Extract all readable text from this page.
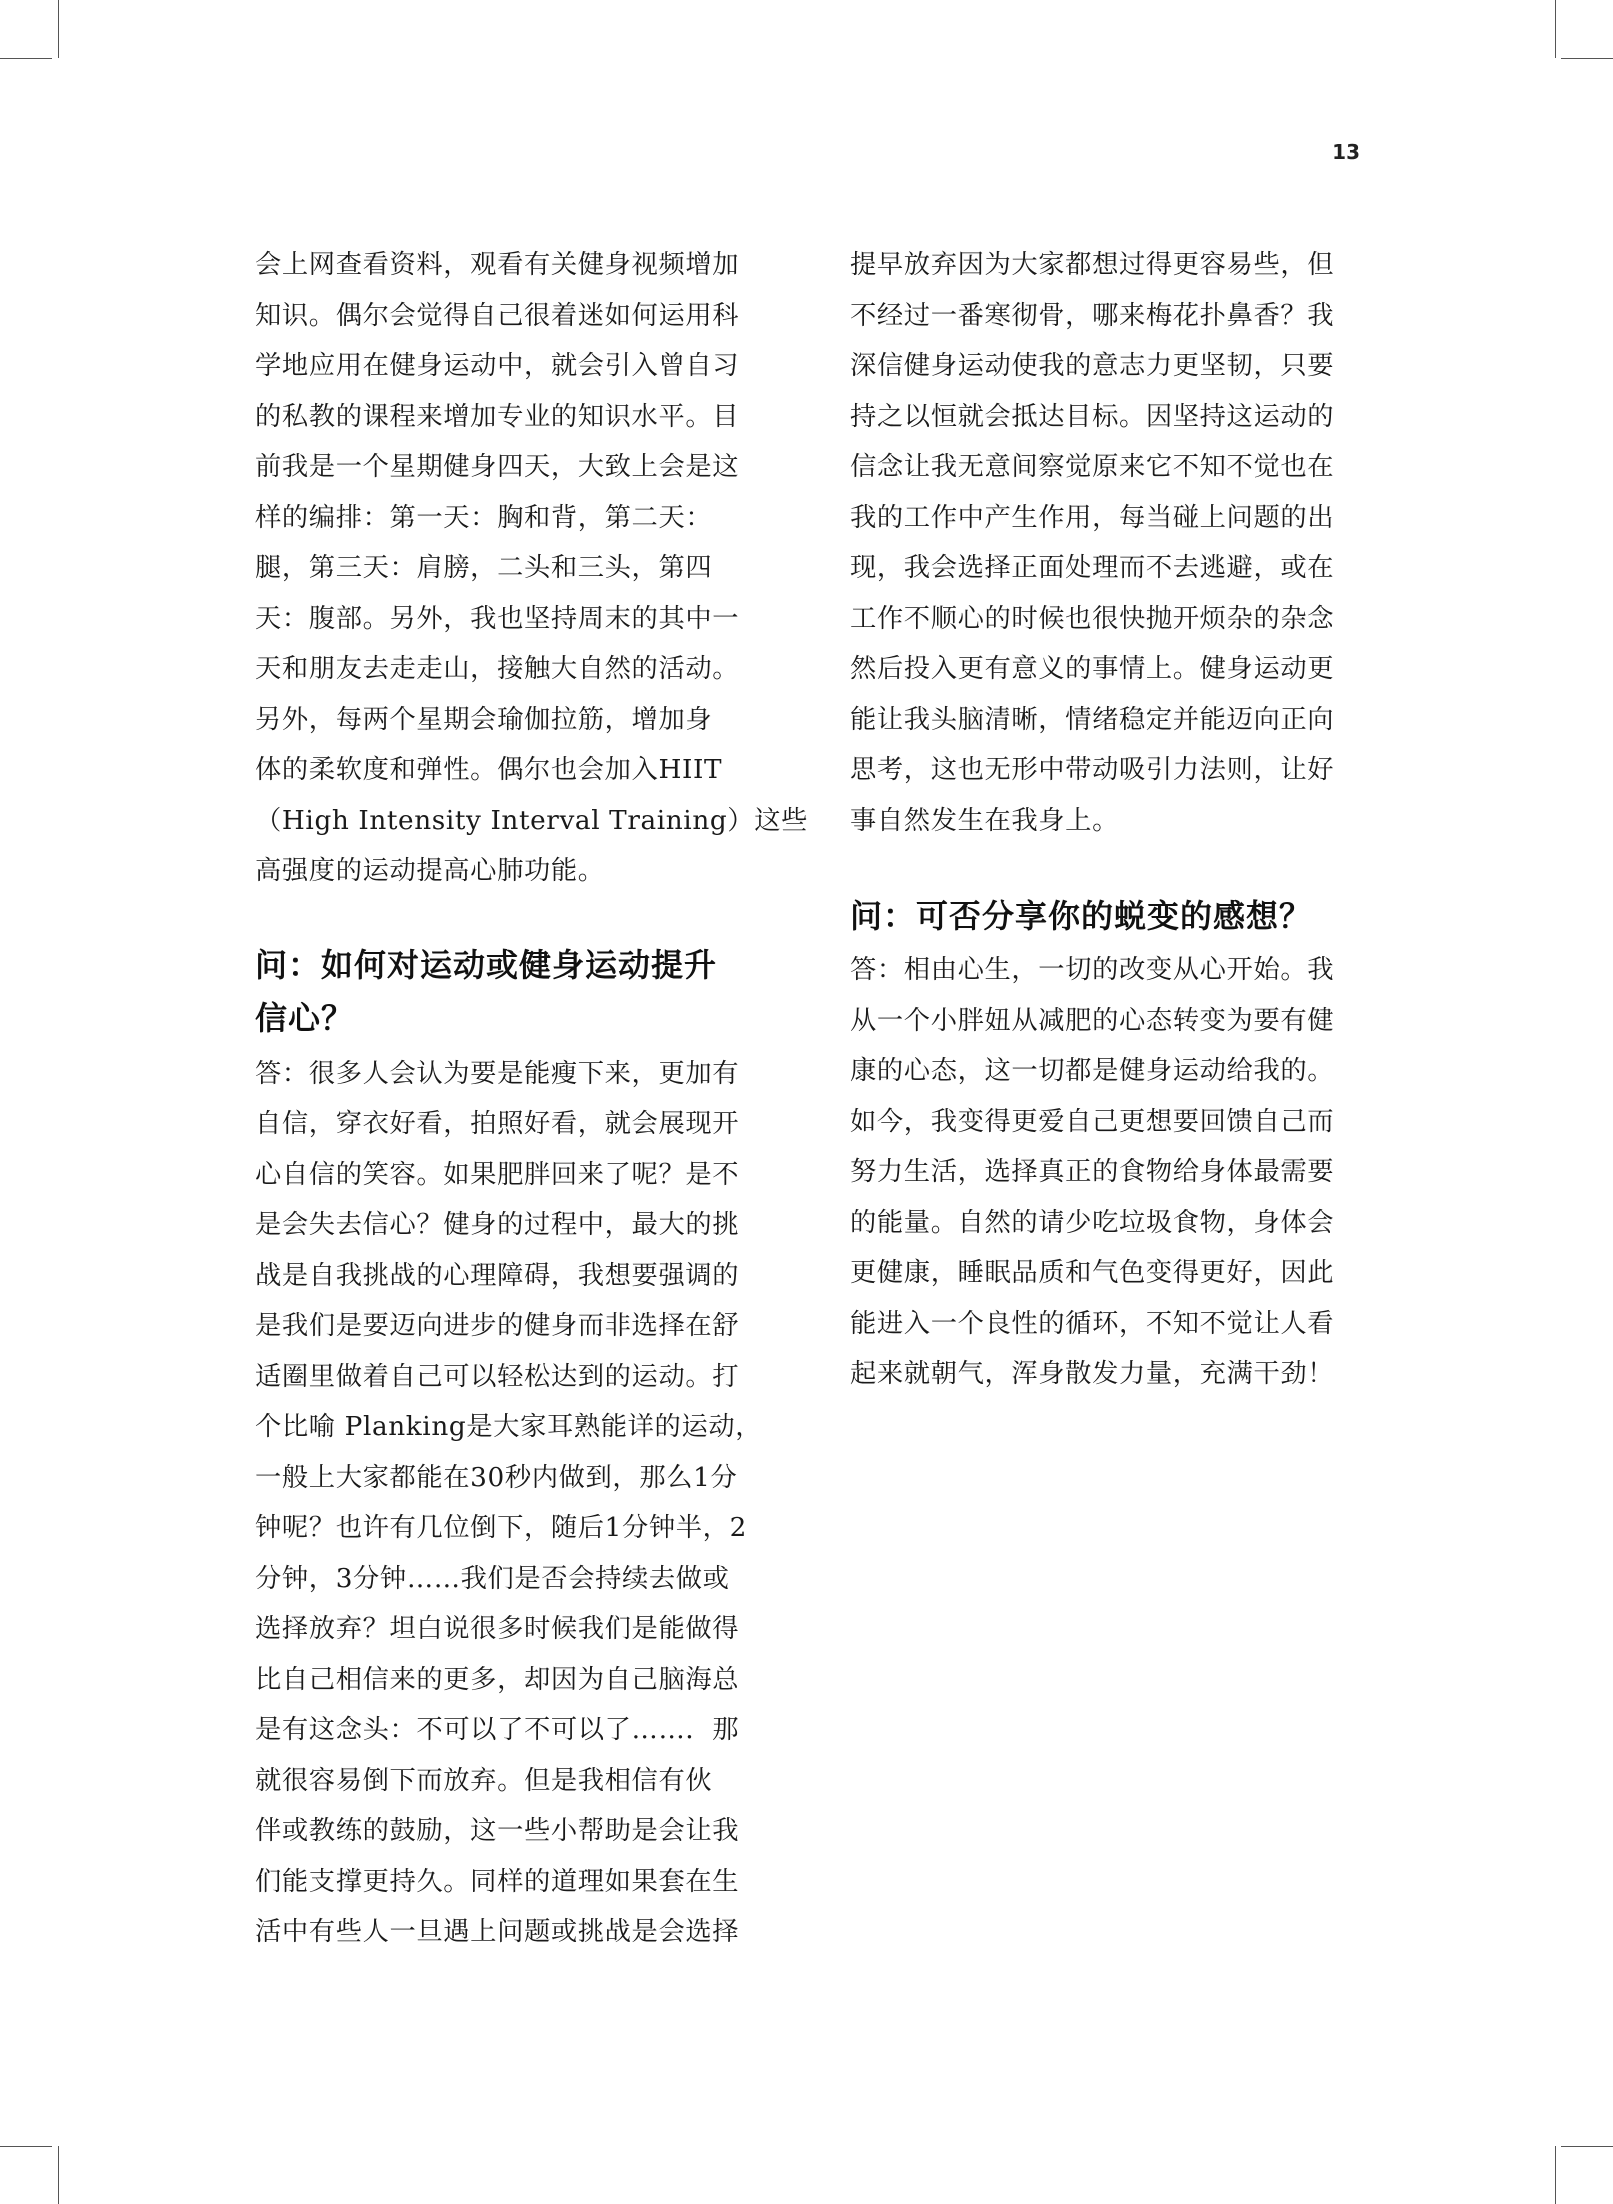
13

会上网查看资料，观看有关健身视频增加

知识。偶尔会觉得自己很着迷如何运用科

学地应用在健身运动中，就会引入曾自习

的私教的课程来增加专业的知识水平。目

前我是一个星期健身四天，大致上会是这

样的编排：第一天：胸和背，第二天：

腿，第三天：肩膀，二头和三头，第四

天：腹部。另外，我也坚持周末的其中一

天和朋友去走走山，接触大自然的活动。

另外，每两个星期会瑜伽拉筋，增加身

体的柔软度和弹性。偶尔也会加入HIIT

（High Intensity Interval Training）这些

高强度的运动提高心肺功能。

问：如何对运动或健身运动提升

信心？

答：很多人会认为要是能瘦下来，更加有

自信，穿衣好看，拍照好看，就会展现开

心自信的笑容。如果肥胖回来了呢？是不

是会失去信心？健身的过程中，最大的挑

战是自我挑战的心理障碍，我想要强调的

是我们是要迈向进步的健身而非选择在舒

适圈里做着自己可以轻松达到的运动。打

个比喻 Planking是大家耳熟能详的运动，

一般上大家都能在30秒内做到，那么1分

钟呢？也许有几位倒下，随后1分钟半，2

分钟，3分钟……我们是否会持续去做或

选择放弃？坦白说很多时候我们是能做得

比自己相信来的更多，却因为自己脑海总

是有这念头：不可以了不可以了……．那

就很容易倒下而放弃。但是我相信有伙

伴或教练的鼓励，这一些小帮助是会让我

们能支撑更持久。同样的道理如果套在生

活中有些人一旦遇上问题或挑战是会选择

提早放弃因为大家都想过得更容易些，但

不经过一番寒彻骨，哪来梅花扑鼻香？我

深信健身运动使我的意志力更坚韧，只要

持之以恒就会抵达目标。因坚持这运动的

信念让我无意间察觉原来它不知不觉也在

我的工作中产生作用，每当碰上问题的出

现，我会选择正面处理而不去逃避，或在

工作不顺心的时候也很快抛开烦杂的杂念

然后投入更有意义的事情上。健身运动更

能让我头脑清晰，情绪稳定并能迈向正向

思考，这也无形中带动吸引力法则，让好

事自然发生在我身上。

问：可否分享你的蜕变的感想？

答：相由心生，一切的改变从心开始。我

从一个小胖妞从减肥的心态转变为要有健

康的心态，这一切都是健身运动给我的。

如今，我变得更爱自己更想要回馈自己而

努力生活，选择真正的食物给身体最需要

的能量。自然的请少吃垃圾食物，身体会

更健康，睡眠品质和气色变得更好，因此

能进入一个良性的循环，不知不觉让人看

起来就朝气，浑身散发力量，充满干劲！
